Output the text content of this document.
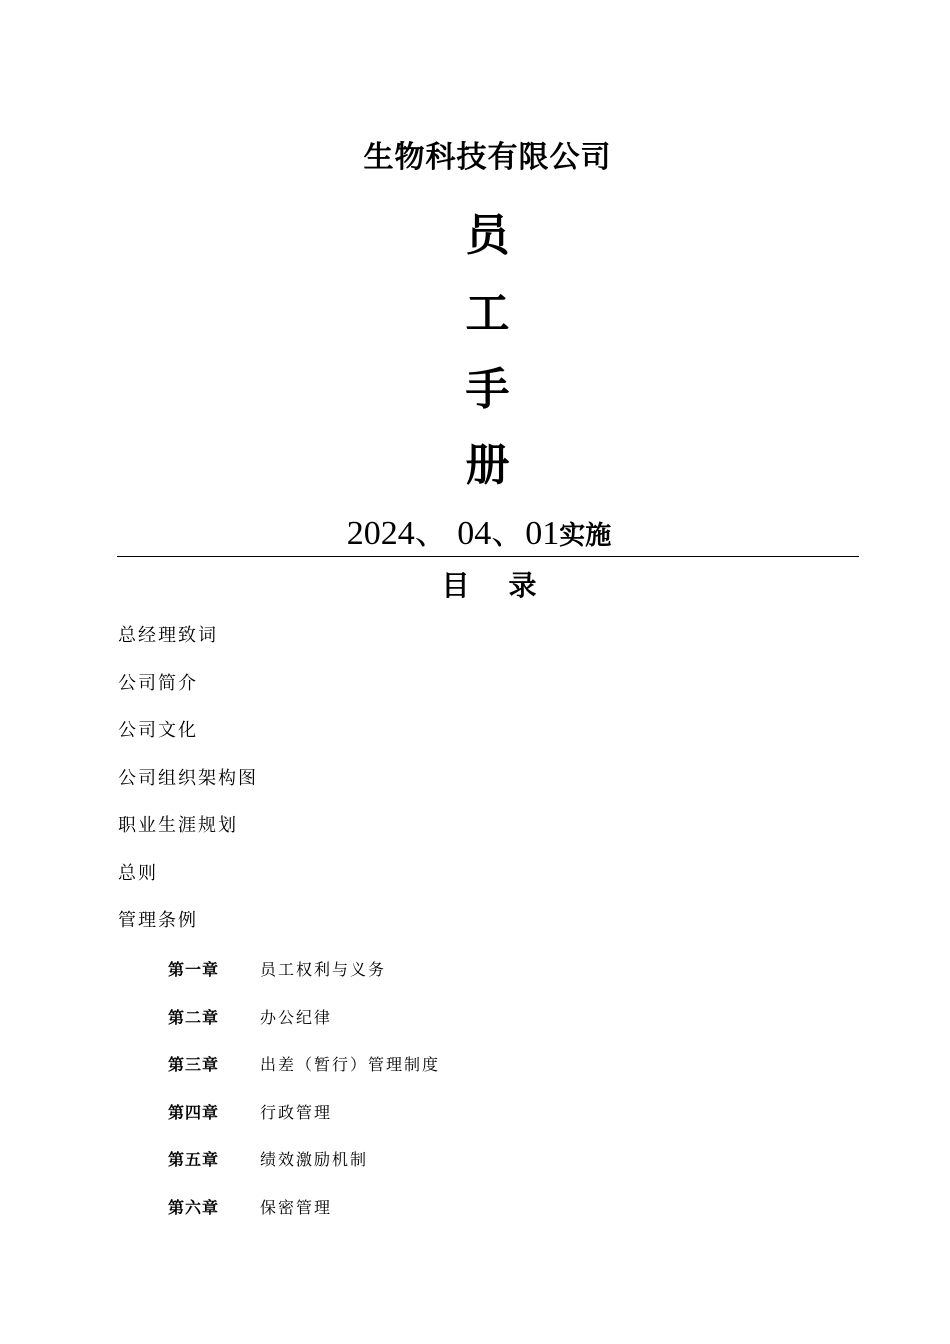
生物科技有限公司
员
工
手
册
2024、 04、01实施
目    录
总经理致词
公司简介
公司文化
公司组织架构图
职业生涯规划
总则
管理条例
第一章	员工权利与义务
第二章	办公纪律
第三章	出差（暂行）管理制度
第四章	行政管理
第五章	绩效激励机制
第六章	保密管理
